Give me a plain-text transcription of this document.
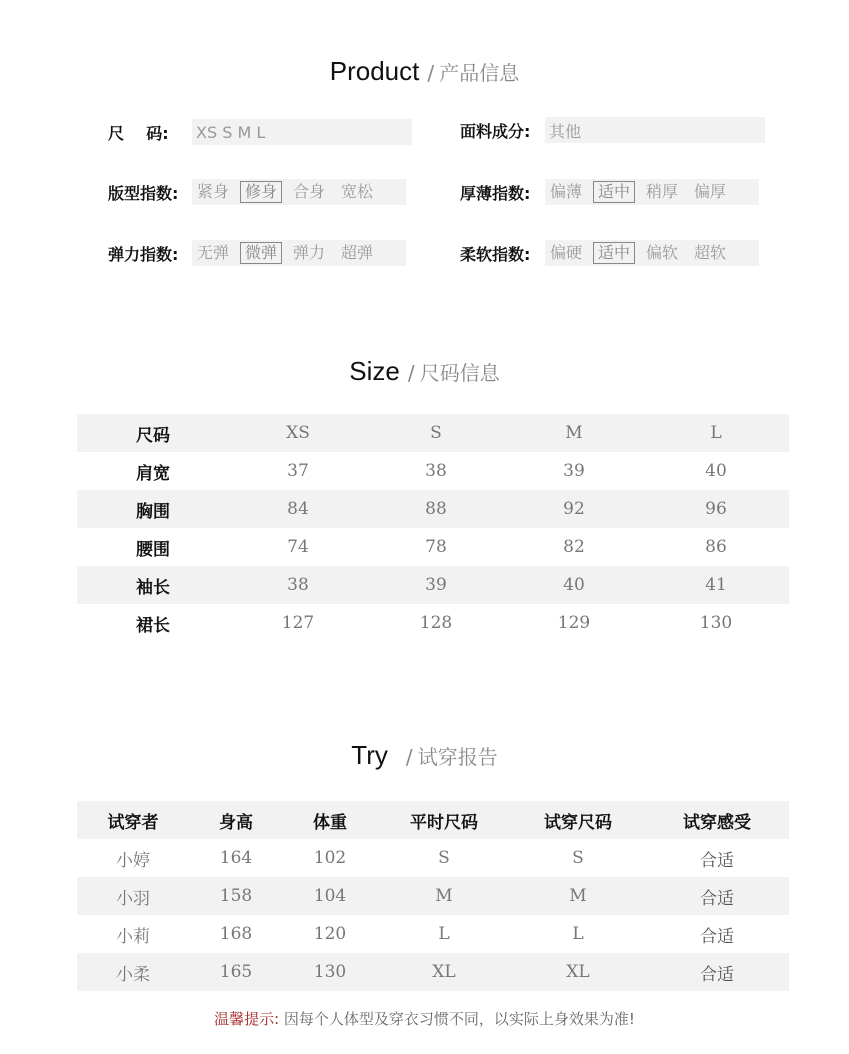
Product / 产品信息
尺    码: XS S M L	面料成分: 其他
版型指数:	紧身	修身	合身	宽松	厚薄指数:	偏薄	适中	稍厚	偏厚
弹力指数:	无弹	微弹	弹力	超弹	柔软指数:	偏硬	适中	偏软	超软
Size / 尺码信息
尺码	XS	S	M	L
肩宽	37	38	39	40
胸围	84	88	92	96
腰围	74	78	82	86
袖长	38	39	40	41
裙长	127	128	129	130
Try / 试穿报告
试穿者	身高	体重	平时尺码	试穿尺码	试穿感受
小婷	164	102	S	S	合适
小羽	158	104	M	M	合适
小莉	168	120	L	L	合适
小柔	165	130	XL	XL	合适
温馨提示: 因每个人体型及穿衣习惯不同，以实际上身效果为准!
